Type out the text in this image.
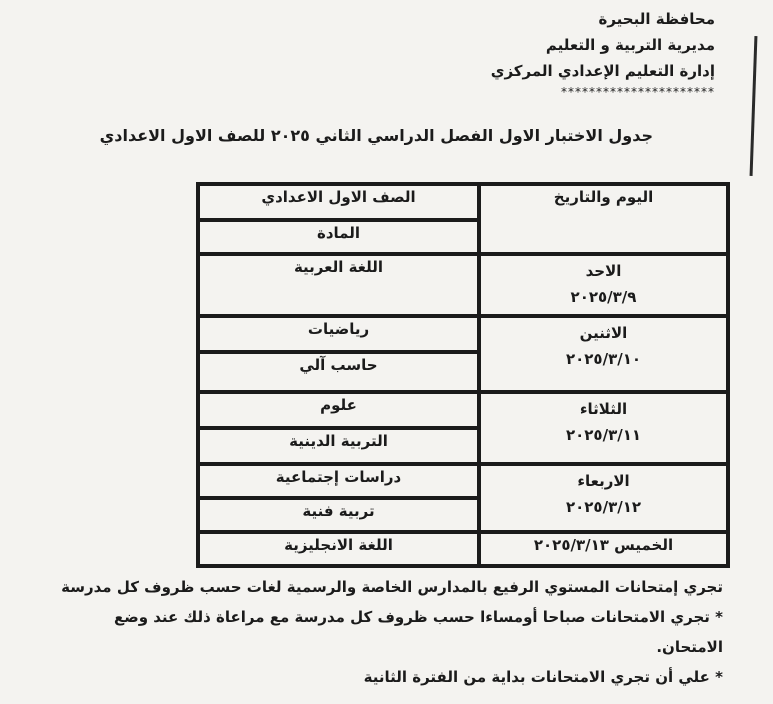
محافظة البحيرة
مديرية التربية و التعليم
إدارة التعليم الإعدادي المركزي
**********************
جدول الاختبار الاول الفصل الدراسي الثاني ٢٠٢٥ للصف الاول الاعدادي
اليوم والتاريخ	الصف الاول الاعدادي
	المادة

الاحد
٢٠٢٥/٣/٩	اللغة العربية

الاثنين
٢٠٢٥/٣/١٠	رياضيات
	حاسب آلي

الثلاثاء
٢٠٢٥/٣/١١	علوم
	التربية الدينية

الاربعاء
٢٠٢٥/٣/١٢	دراسات إجتماعية
	تربية فنية
الخميس ٢٠٢٥/٣/١٣	اللغة الانجليزية
تجري إمتحانات المستوي الرفيع بالمدارس الخاصة والرسمية لغات حسب ظروف كل مدرسة
* تجري الامتحانات صباحا أومساءا حسب ظروف كل مدرسة مع مراعاة ذلك عند وضع
الامتحان.
* علي أن تجري الامتحانات بداية من الفترة الثانية
